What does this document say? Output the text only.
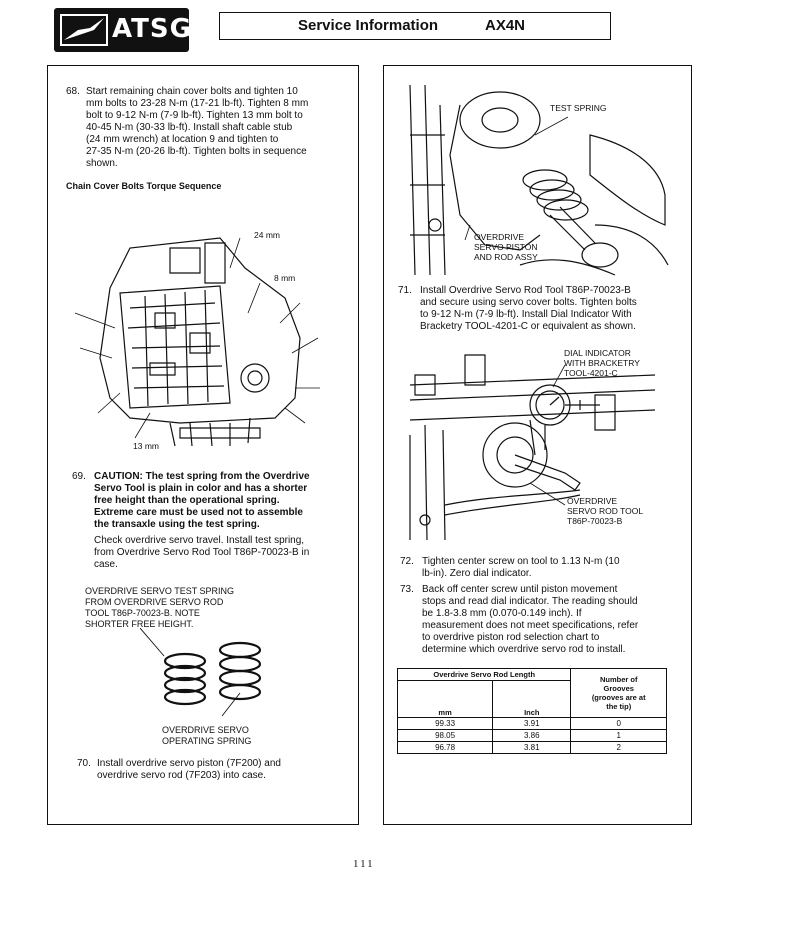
ATSG	Service Information	AX4N
68. Start remaining chain cover bolts and tighten 10
mm bolts to 23-28 N-m (17-21 lb-ft). Tighten 8 mm
bolt to 9-12 N-m (7-9 lb-ft). Tighten 13 mm bolt to
40-45 N-m (30-33 lb-ft). Install shaft cable stub
(24 mm wrench) at location 9 and tighten to
27-35 N-m (20-26 lb-ft). Tighten bolts in sequence
shown.
Chain Cover Bolts Torque Sequence
24 mm
8 mm
13 mm
69. CAUTION: The test spring from the Overdrive
Servo Tool is plain in color and has a shorter
free height than the operational spring.
Extreme care must be used not to assemble
the transaxle using the test spring.
Check overdrive servo travel. Install test spring,
from Overdrive Servo Rod Tool T86P-70023-B in
case.
OVERDRIVE SERVO TEST SPRING
FROM OVERDRIVE SERVO ROD
TOOL T86P-70023-B. NOTE
SHORTER FREE HEIGHT.
OVERDRIVE SERVO
OPERATING SPRING
70. Install overdrive servo piston (7F200) and
overdrive servo rod (7F203) into case.
TEST SPRING
OVERDRIVE
SERVO PISTON
AND ROD ASSY
71. Install Overdrive Servo Rod Tool T86P-70023-B
and secure using servo cover bolts. Tighten bolts
to 9-12 N-m (7-9 lb-ft). Install Dial Indicator With
Bracketry TOOL-4201-C or equivalent as shown.
DIAL INDICATOR
WITH BRACKETRY
TOOL-4201-C
OVERDRIVE
SERVO ROD TOOL
T86P-70023-B
72. Tighten center screw on tool to 1.13 N-m (10
lb-in). Zero dial indicator.
73. Back off center screw until piston movement
stops and read dial indicator. The reading should
be 1.8-3.8 mm (0.070-0.149 inch). If
measurement does not meet specifications, refer
to overdrive piston rod selection chart to
determine which overdrive servo rod to install.
Overdrive Servo Rod Length		Number of
Grooves
(grooves are at
the tip)

mm	Inch	
99.33	3.91	0
98.05	3.86	1
96.78	3.81	2
111
